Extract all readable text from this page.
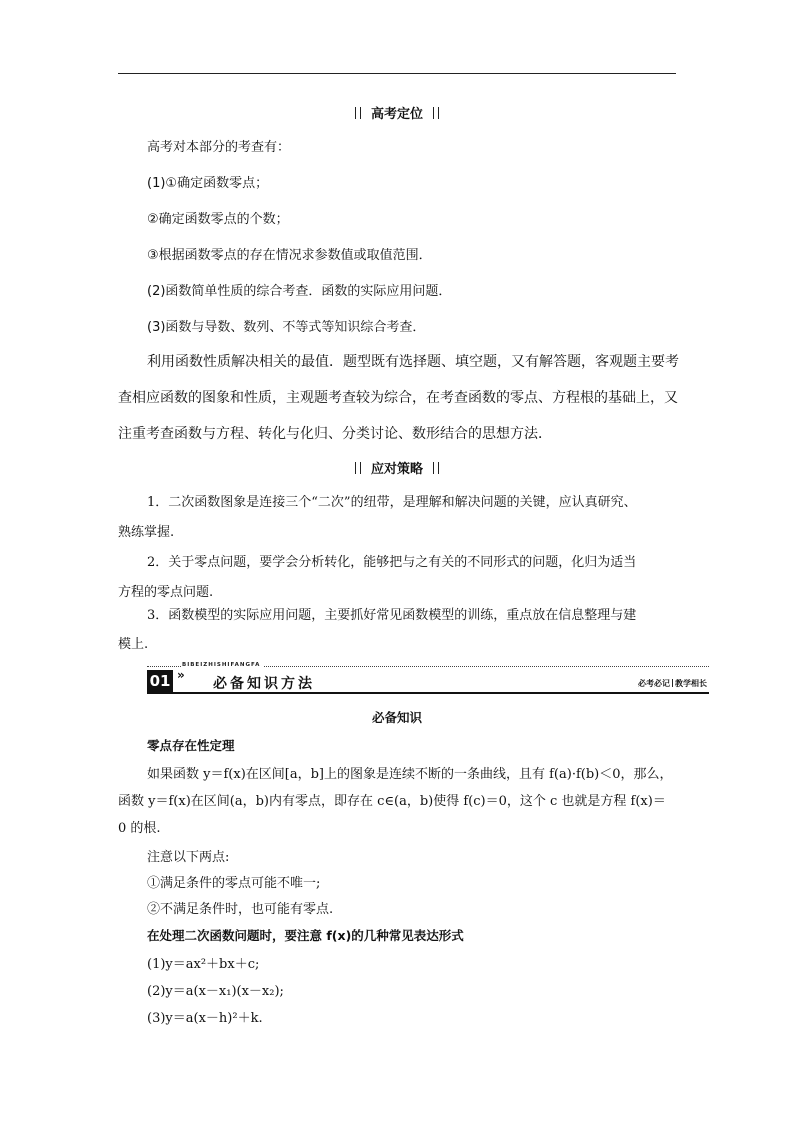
高考定位
高考对本部分的考查有：
(1)①确定函数零点；
②确定函数零点的个数；
③根据函数零点的存在情况求参数值或取值范围．
(2)函数简单性质的综合考查．函数的实际应用问题．
(3)函数与导数、数列、不等式等知识综合考查．
利用函数性质解决相关的最值．题型既有选择题、填空题，又有解答题，客观题主要考
查相应函数的图象和性质，主观题考查较为综合，在考查函数的零点、方程根的基础上，又
注重考查函数与方程、转化与化归、分类讨论、数形结合的思想方法．
应对策略
1．二次函数图象是连接三个“二次”的纽带，是理解和解决问题的关键，应认真研究、
熟练掌握.
2．关于零点问题，要学会分析转化，能够把与之有关的不同形式的问题，化归为适当
方程的零点问题.
3．函数模型的实际应用问题，主要抓好常见函数模型的训练，重点放在信息整理与建
模上.
BIBEIZHISHIFANGFA
01 »
必备知识方法	必考必记 教学相长
必备知识
零点存在性定理
如果函数 y＝f(x)在区间[a，b]上的图象是连续不断的一条曲线，且有 f(a)·f(b)＜0，那么，
函数 y＝f(x)在区间(a，b)内有零点，即存在 c∈(a，b)使得 f(c)＝0，这个 c 也就是方程 f(x)＝
0 的根.
注意以下两点:
①满足条件的零点可能不唯一;
②不满足条件时，也可能有零点.
在处理二次函数问题时，要注意 f(x)的几种常见表达形式
(1)y＝ax²＋bx＋c;
(2)y＝a(x－x₁)(x－x₂);
(3)y＝a(x－h)²＋k.
